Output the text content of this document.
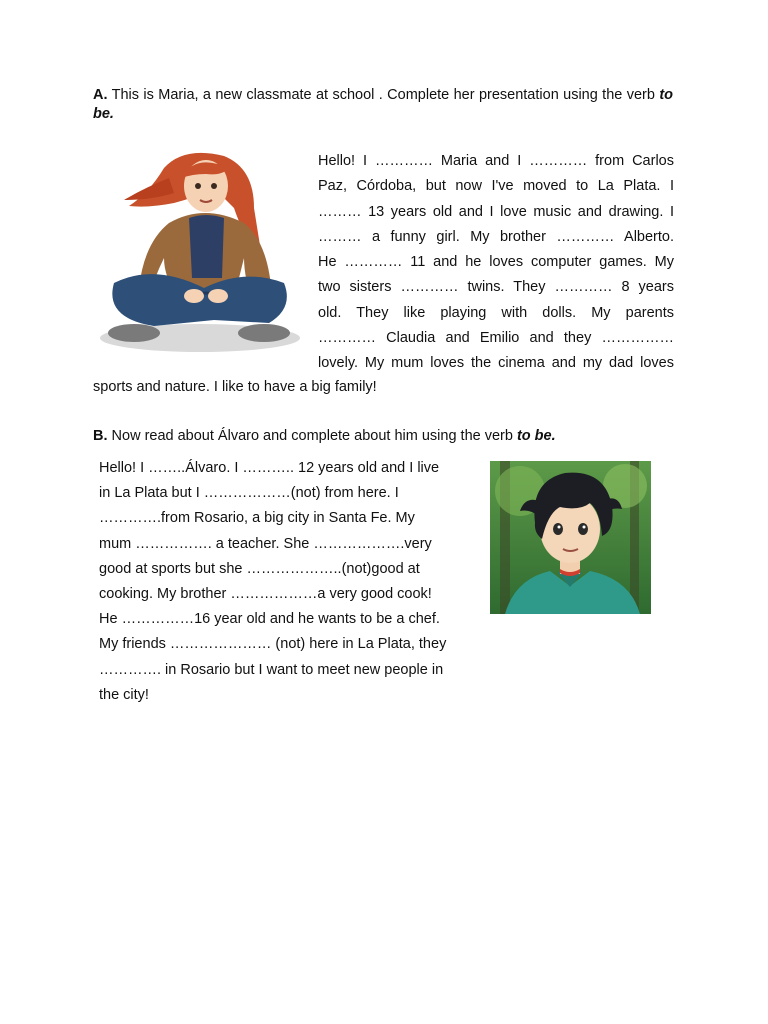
A. This is Maria, a new classmate at school . Complete her presentation using the verb to be.
Hello! I ………… Maria and I ………… from Carlos
Paz, Córdoba, but now I've moved to La Plata. I
……… 13 years old and I love music and drawing. I
……… a funny girl. My brother ………… Alberto.
He ………… 11 and he loves computer games. My
two sisters ………… twins. They ………… 8 years
old. They like playing with dolls. My parents
………… Claudia and Emilio and they ……………
lovely. My mum loves the cinema and my dad loves
sports and nature. I like to have a big family!
B. Now read about Álvaro and complete about him using the verb to be.
Hello! I ……..Álvaro. I ……….. 12 years old and I live
in La Plata but I ………………(not) from here. I
………….from Rosario, a big city in Santa Fe. My
mum ……………. a teacher. She ……………….very
good at sports but she ………………..(not)good at
cooking. My brother ………………a very good cook!
He ……………16 year old and he wants to be a chef.
My friends ………………… (not) here in La Plata, they
…………. in Rosario but I want to meet new people in
the city!
